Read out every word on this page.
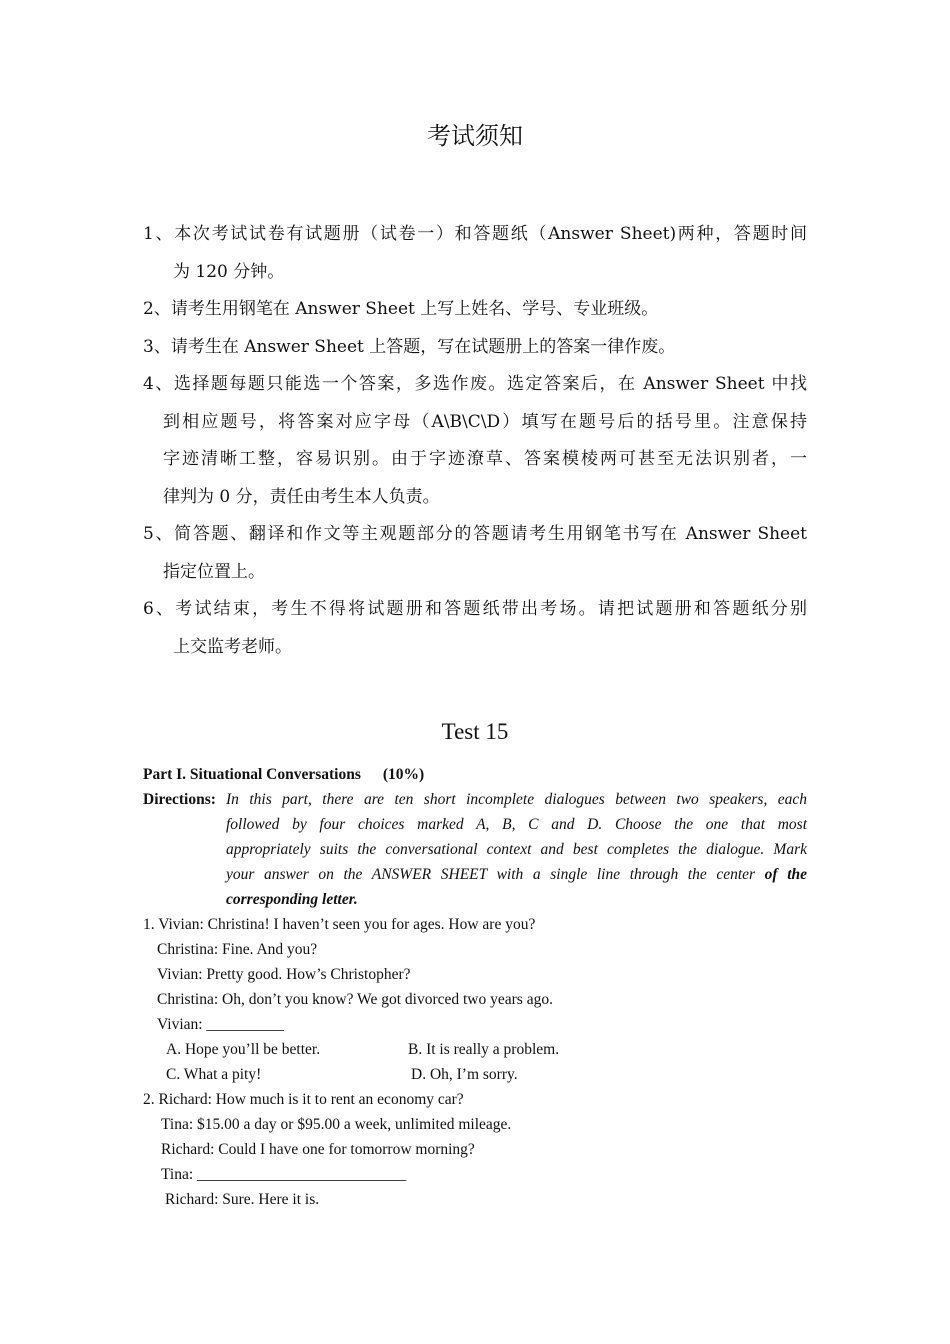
考试须知
1、本次考试试卷有试题册（试卷一）和答题纸（Answer Sheet)两种，答题时间
为 120 分钟。
2、请考生用钢笔在 Answer Sheet 上写上姓名、学号、专业班级。
3、请考生在 Answer Sheet 上答题，写在试题册上的答案一律作废。
4、选择题每题只能选一个答案，多选作废。选定答案后，在 Answer Sheet 中找
到相应题号，将答案对应字母（A\B\C\D）填写在题号后的括号里。注意保持
字迹清晰工整，容易识别。由于字迹潦草、答案模棱两可甚至无法识别者，一
律判为 0 分，责任由考生本人负责。
5、简答题、翻译和作文等主观题部分的答题请考生用钢笔书写在 Answer Sheet
指定位置上。
6、考试结束，考生不得将试题册和答题纸带出考场。请把试题册和答题纸分别
上交监考老师。
Test 15
Part I. Situational Conversations (10%)
Directions: In this part, there are ten short incomplete dialogues between two speakers, each
followed by four choices marked A, B, C and D. Choose the one that most
appropriately suits the conversational context and best completes the dialogue. Mark
your answer on the ANSWER SHEET with a single line through the center of the
corresponding letter.
1. Vivian: Christina! I haven’t seen you for ages. How are you?
Christina: Fine. And you?
Vivian: Pretty good. How’s Christopher?
Christina: Oh, don’t you know? We got divorced two years ago.
Vivian: __________
A. Hope you’ll be better.	B. It is really a problem.
C. What a pity!	D. Oh, I’m sorry.
2. Richard: How much is it to rent an economy car?
Tina: $15.00 a day or $95.00 a week, unlimited mileage.
Richard: Could I have one for tomorrow morning?
Tina: ___________________________
Richard: Sure. Here it is.
